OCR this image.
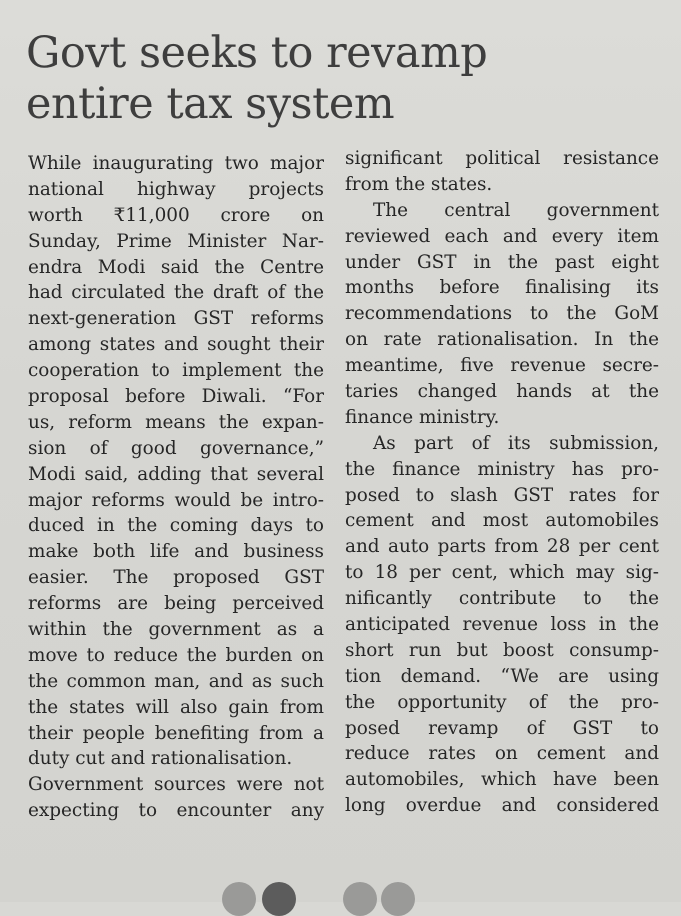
Govt seeks to revamp
entire tax system
While inaugurating two major
national highway projects
worth ₹11,000 crore on
Sunday, Prime Minister Nar-
endra Modi said the Centre
had circulated the draft of the
next-generation GST reforms
among states and sought their
cooperation to implement the
proposal before Diwali. “For
us, reform means the expan-
sion of good governance,”
Modi said, adding that several
major reforms would be intro-
duced in the coming days to
make both life and business
easier. The proposed GST
reforms are being perceived
within the government as a
move to reduce the burden on
the common man, and as such
the states will also gain from
their people benefiting from a
duty cut and rationalisation.
Government sources were not
expecting to encounter any
significant political resistance
from the states.
The central government
reviewed each and every item
under GST in the past eight
months before finalising its
recommendations to the GoM
on rate rationalisation. In the
meantime, five revenue secre-
taries changed hands at the
finance ministry.
As part of its submission,
the finance ministry has pro-
posed to slash GST rates for
cement and most automobiles
and auto parts from 28 per cent
to 18 per cent, which may sig-
nificantly contribute to the
anticipated revenue loss in the
short run but boost consump-
tion demand. “We are using
the opportunity of the pro-
posed revamp of GST to
reduce rates on cement and
automobiles, which have been
long overdue and considered
